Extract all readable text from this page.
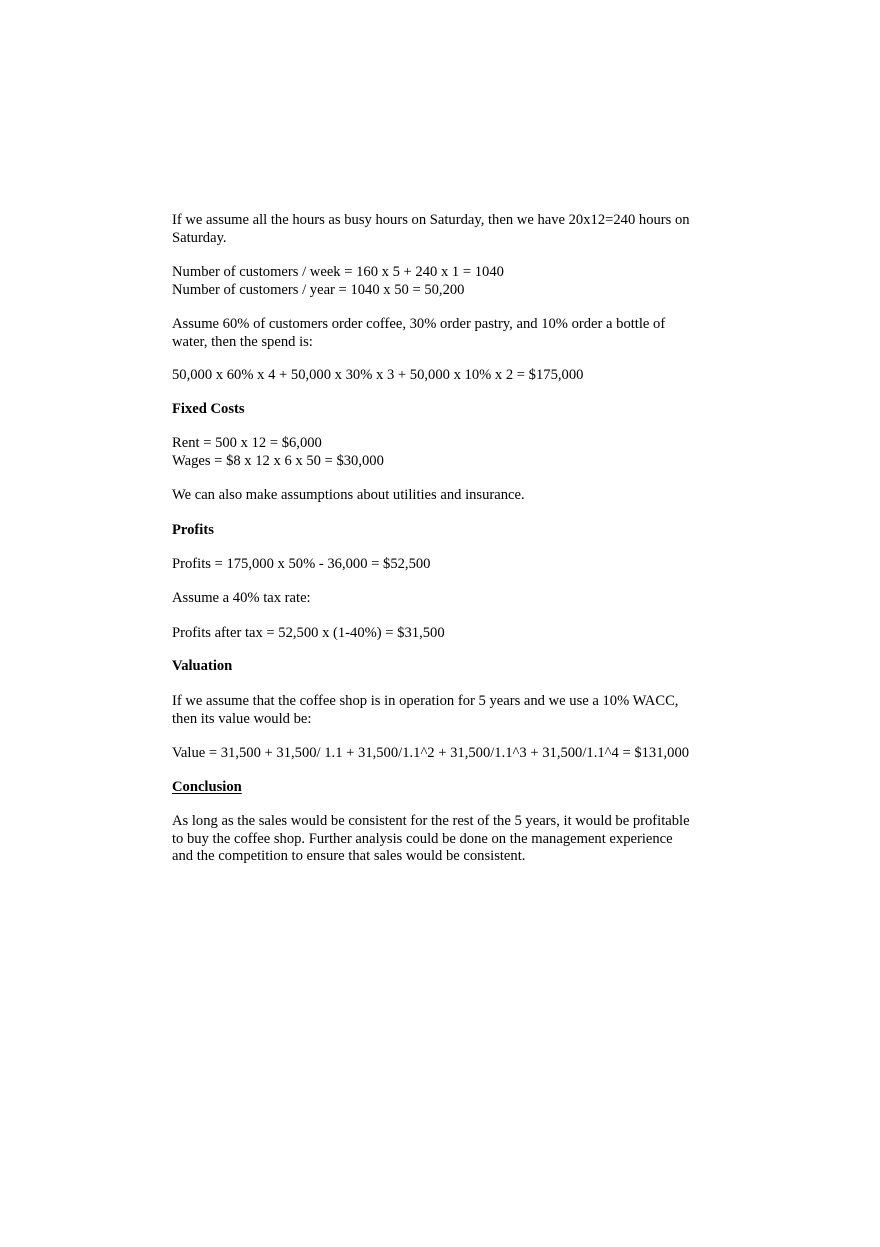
If we assume all the hours as busy hours on Saturday, then we have 20x12=240 hours on
Saturday.

Number of customers / week = 160 x 5 + 240 x 1 = 1040
Number of customers / year = 1040 x 50 = 50,200

Assume 60% of customers order coffee, 30% order pastry, and 10% order a bottle of
water, then the spend is:

50,000 x 60% x 4 + 50,000 x 30% x 3 + 50,000 x 10% x 2 = $175,000

Fixed Costs

Rent = 500 x 12 = $6,000
Wages = $8 x 12 x 6 x 50 = $30,000

We can also make assumptions about utilities and insurance.

Profits

Profits = 175,000 x 50% - 36,000 = $52,500

Assume a 40% tax rate:

Profits after tax = 52,500 x (1-40%) = $31,500

Valuation

If we assume that the coffee shop is in operation for 5 years and we use a 10% WACC,
then its value would be:

Value = 31,500 + 31,500/ 1.1 + 31,500/1.1^2 + 31,500/1.1^3 + 31,500/1.1^4 = $131,000

Conclusion

As long as the sales would be consistent for the rest of the 5 years, it would be profitable
to buy the coffee shop. Further analysis could be done on the management experience
and the competition to ensure that sales would be consistent.
